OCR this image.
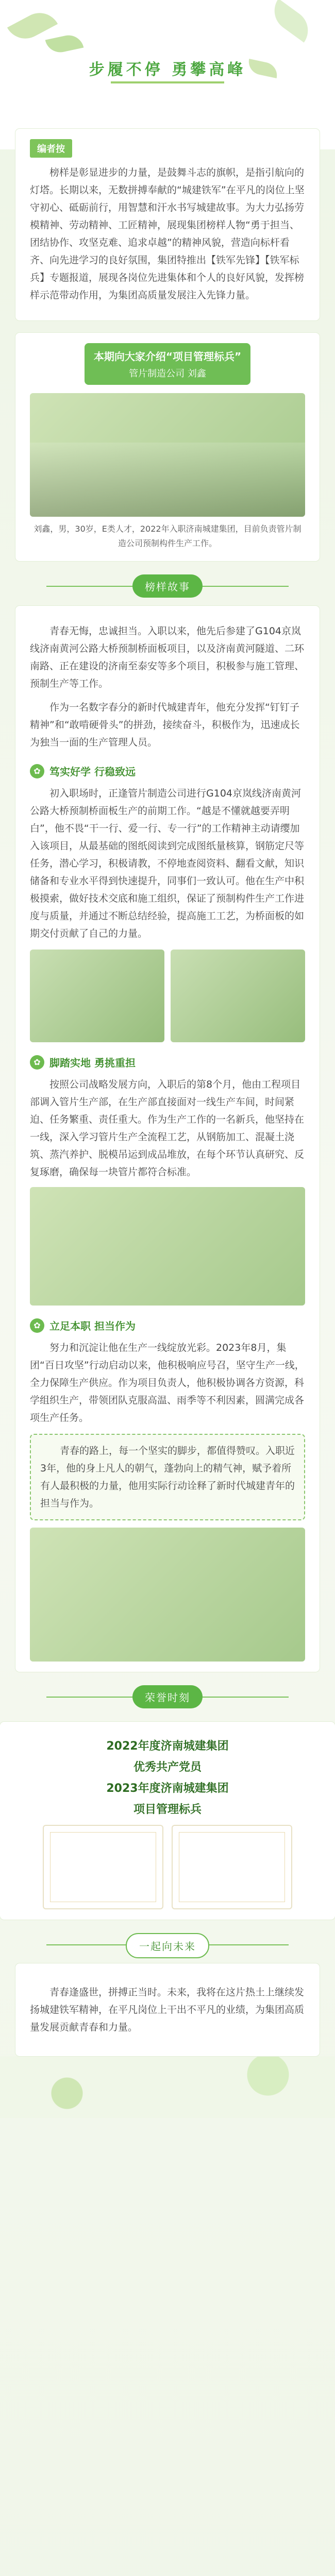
步履不停 勇攀高峰
编者按

榜样是彰显进步的力量，是鼓舞斗志的旗帜，是指引航向的灯塔。长期以来，无数拼搏奉献的“城建铁军”在平凡的岗位上坚守初心、砥砺前行，用智慧和汗水书写城建故事。为大力弘扬劳模精神、劳动精神、工匠精神，展现集团榜样人物“勇于担当、团结协作、攻坚克难、追求卓越”的精神风貌，营造向标杆看齐、向先进学习的良好氛围，集团特推出【铁军先锋】【铁军标兵】专题报道，展现各岗位先进集体和个人的良好风貌，发挥榜样示范带动作用，为集团高质量发展注入先锋力量。

本期向大家介绍“项目管理标兵”
管片制造公司 刘鑫
刘鑫，男，30岁，E类人才，2022年入职济南城建集团，目前负责管片制造公司预制构件生产工作。
榜样故事

青春无悔，忠诚担当。入职以来，他先后参建了G104京岚线济南黄河公路大桥预制桥面板项目，以及济南黄河隧道、二环南路、正在建设的济南至泰安等多个项目，积极参与施工管理、预制生产等工作。

作为一名数字春分的新时代城建青年，他充分发挥“钉钉子精神”和“敢啃硬骨头”的拼劲，接续奋斗，积极作为，迅速成长为独当一面的生产管理人员。

✿ 笃实好学 行稳致远

初入职场时，正逢管片制造公司进行G104京岚线济南黄河公路大桥预制桥面板生产的前期工作。“越是不懂就越要弄明白”，他不畏“干一行、爱一行、专一行”的工作精神主动请缨加入该项目，从最基础的图纸阅读到完成图纸量核算，钢筋定尺等任务，潜心学习，积极请教，不停地查阅资料、翻看文献，知识储备和专业水平得到快速提升，同事们一致认可。他在生产中积极摸索，做好技术交底和施工组织，保证了预制构件生产工作进度与质量，并通过不断总结经验，提高施工工艺，为桥面板的如期交付贡献了自己的力量。

✿ 脚踏实地 勇挑重担

按照公司战略发展方向，入职后的第8个月，他由工程项目部调入管片生产部，在生产部直接面对一线生产车间，时间紧迫、任务繁重、责任重大。作为生产工作的一名新兵，他坚持在一线，深入学习管片生产全流程工艺，从钢筋加工、混凝土浇筑、蒸汽养护、脱模吊运到成品堆放，在每个环节认真研究、反复琢磨，确保每一块管片都符合标准。

✿ 立足本职 担当作为

努力和沉淀让他在生产一线绽放光彩。2023年8月，集团“百日攻坚”行动启动以来，他积极响应号召，坚守生产一线，全力保障生产供应。作为项目负责人，他积极协调各方资源，科学组织生产，带领团队克服高温、雨季等不利因素，圆满完成各项生产任务。

青春的路上，每一个坚实的脚步，都值得赞叹。入职近3年，他的身上凡人的朝气，蓬勃向上的精气神，赋予着所有人最积极的力量，他用实际行动诠释了新时代城建青年的担当与作为。

荣誉时刻
2022年度济南城建集团
优秀共产党员
2023年度济南城建集团
项目管理标兵
一起向未来

青春逢盛世，拼搏正当时。未来，我将在这片热土上继续发扬城建铁军精神，在平凡岗位上干出不平凡的业绩，为集团高质量发展贡献青春和力量。
